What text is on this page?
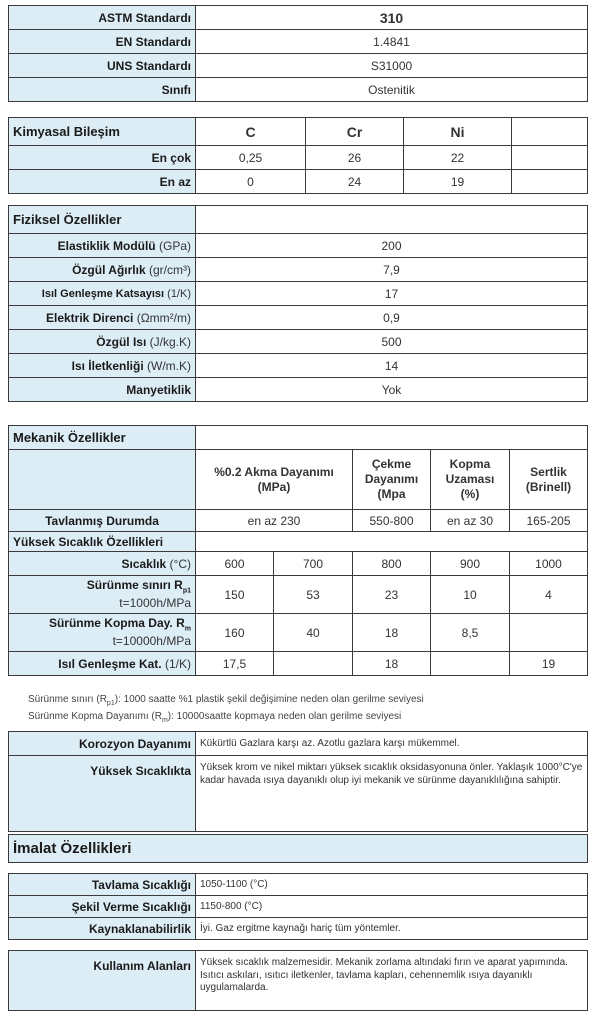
ASTM Standardı	310
EN Standardı	1.4841
UNS Standardı	S31000
Sınıfı	Ostenitik
Kimyasal Bileşim	C	Cr	Ni	
En çok	0,25	26	22	
En az	0	24	19	
Fiziksel Özellikler	
Elastiklik Modülü (GPa)	200
Özgül Ağırlık (gr/cm³)	7,9
Isıl Genleşme Katsayısı (1/K)	17
Elektrik Direnci (Ωmm²/m)	0,9
Özgül Isı (J/kg.K)	500
Isı İletkenliği (W/m.K)	14
Manyetiklik	Yok
Mekanik Özellikler					
	%0.2 Akma Dayanımı (MPa)		Çekme Dayanımı (Mpa	Kopma Uzaması (%)	Sertlik (Brinell)
Tavlanmış Durumda	en az 230		550-800	en az 30	165-205
Yüksek Sıcaklık Özellikleri					
Sıcaklık (°C)	600	700	800	900	1000
Sürünme sınırı $R_{p1}$
t=1000h/MPa	150	53	23	10	4
Sürünme Kopma Day. $R_m$
t=10000h/MPa	160	40	18	8,5	
Isıl Genleşme Kat. (1/K)	17,5		18		19
Sürünme sınırı $(R_{p1})$: 1000 saatte %1 plastik şekil değişimine neden olan gerilme seviyesi
Sürünme Kopma Dayanımı $(R_m)$: 10000saatte kopmaya neden olan gerilme seviyesi
Korozyon Dayanımı	Kükürtlü Gazlara karşı az. Azotlu gazlara karşı mükemmel.
Yüksek Sıcaklıkta	Yüksek krom ve nikel miktarı yüksek sıcaklık oksidasyonuna önler. Yaklaşık 1000°C'ye kadar havada ısıya dayanıklı olup iyi mekanik ve sürünme dayanıklılığına sahiptir.
İmalat Özellikleri
Tavlama Sıcaklığı	1050-1100 (°C)
Şekil Verme Sıcaklığı	1150-800 (°C)
Kaynaklanabilirlik	İyi. Gaz ergitme kaynağı hariç tüm yöntemler.
Kullanım Alanları	Yüksek sıcaklık malzemesidir. Mekanik zorlama altındaki fırın ve aparat yapımında. Isıtıcı askıları, ısıtıcı iletkenler, tavlama kapları, cehennemlik ısıya dayanıklı uygulamalarda.
